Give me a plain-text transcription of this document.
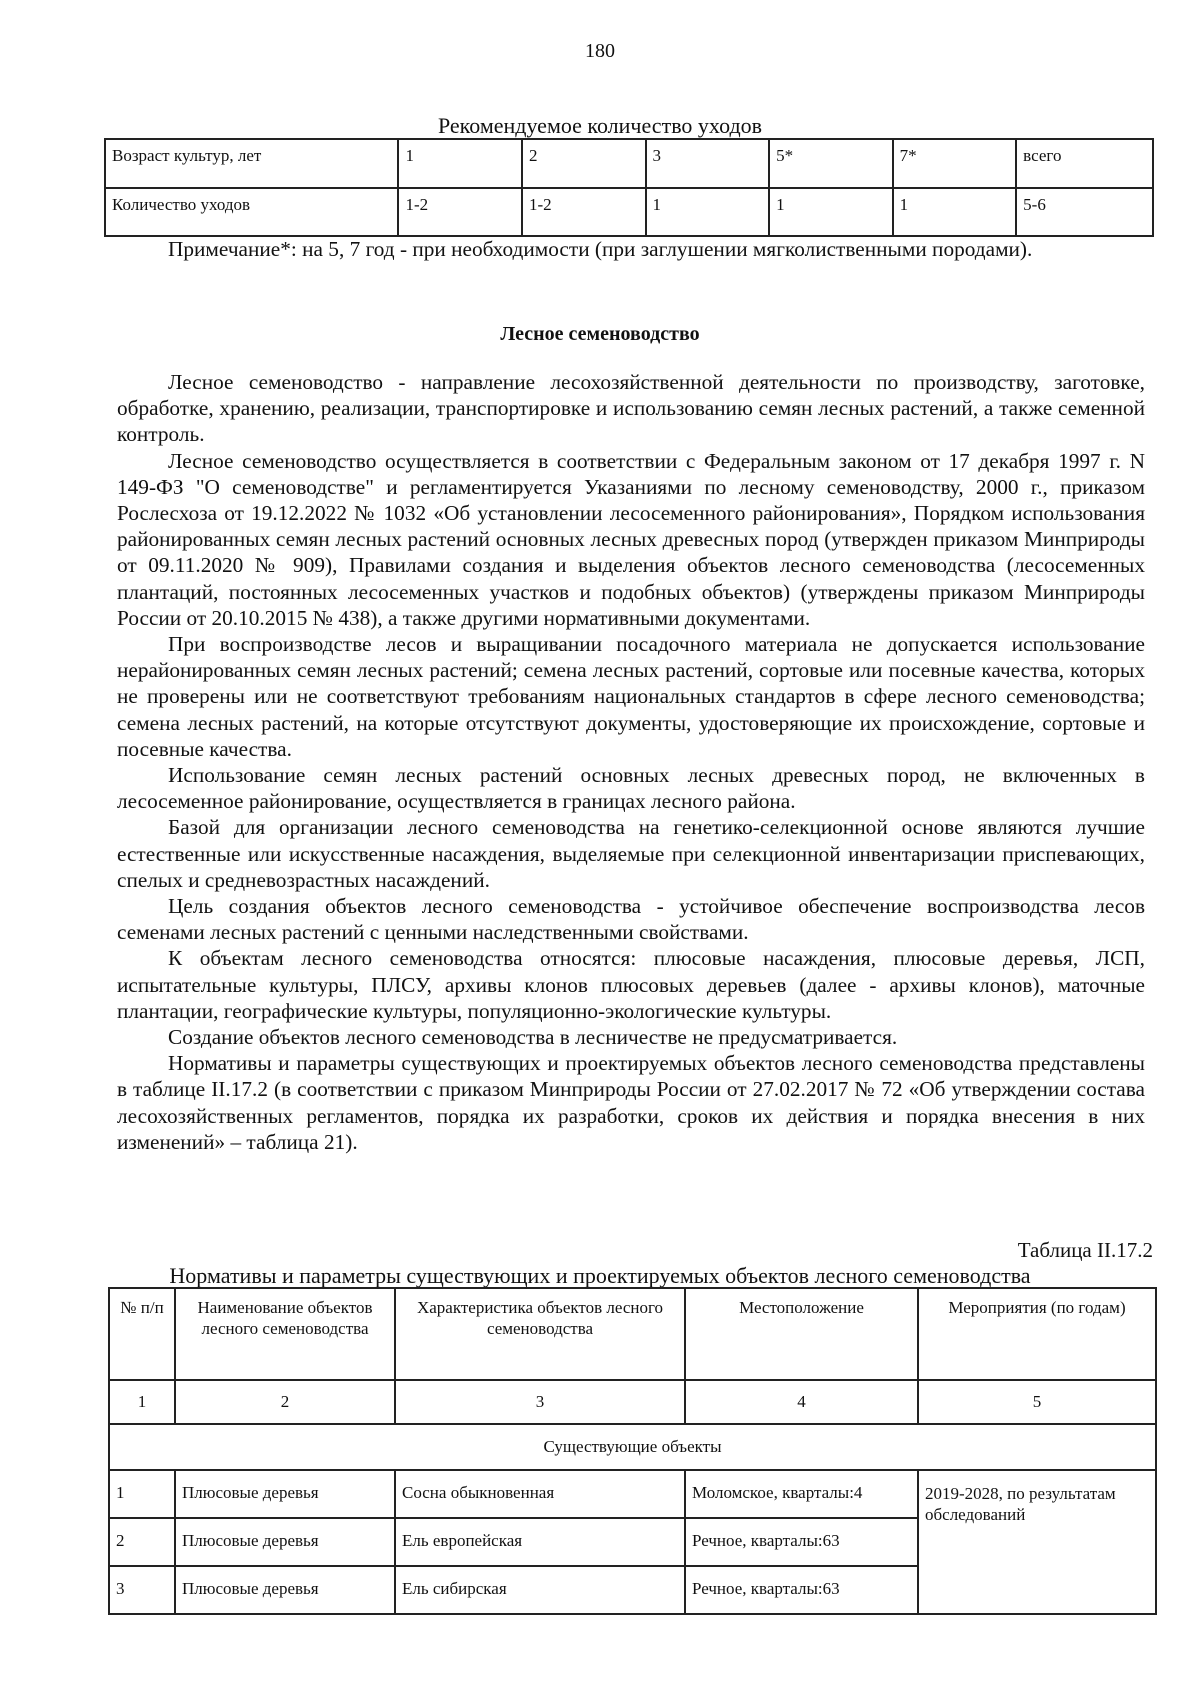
180
Рекомендуемое количество уходов
Возраст культур, лет	1	2	3	5*	7*	всего
Количество уходов	1-2	1-2	1	1	1	5-6

Примечание*: на 5, 7 год - при необходимости (при заглушении мягколиственными породами).

Лесное семеноводство

Лесное семеноводство - направление лесохозяйственной деятельности по производству, заготовке, обработке, хранению, реализации, транспортировке и использованию семян лесных растений, а также семенной контроль.

Лесное семеноводство осуществляется в соответствии с Федеральным законом от 17 декабря 1997 г. N 149-ФЗ "О семеноводстве" и регламентируется Указаниями по лесному семеноводству, 2000 г., приказом Рослесхоза от 19.12.2022 № 1032 «Об установлении лесосеменного районирования», Порядком использования районированных семян лесных растений основных лесных древесных пород (утвержден приказом Минприроды от 09.11.2020 № 909), Правилами создания и выделения объектов лесного семеноводства (лесосеменных плантаций, постоянных лесосеменных участков и подобных объектов) (утверждены приказом Минприроды России от 20.10.2015 № 438), а также другими нормативными документами.

При воспроизводстве лесов и выращивании посадочного материала не допускается использование нерайонированных семян лесных растений; семена лесных растений, сортовые или посевные качества, которых не проверены или не соответствуют требованиям национальных стандартов в сфере лесного семеноводства; семена лесных растений, на которые отсутствуют документы, удостоверяющие их происхождение, сортовые и посевные качества.

Использование семян лесных растений основных лесных древесных пород, не включенных в лесосеменное районирование, осуществляется в границах лесного района.

Базой для организации лесного семеноводства на генетико-селекционной основе являются лучшие естественные или искусственные насаждения, выделяемые при селекционной инвентаризации приспевающих, спелых и средневозрастных насаждений.

Цель создания объектов лесного семеноводства - устойчивое обеспечение воспроизводства лесов семенами лесных растений с ценными наследственными свойствами.

К объектам лесного семеноводства относятся: плюсовые насаждения, плюсовые деревья, ЛСП, испытательные культуры, ПЛСУ, архивы клонов плюсовых деревьев (далее - архивы клонов), маточные плантации, географические культуры, популяционно-экологические культуры.

Создание объектов лесного семеноводства в лесничестве не предусматривается.

Нормативы и параметры существующих и проектируемых объектов лесного семеноводства представлены в таблице II.17.2 (в соответствии с приказом Минприроды России от 27.02.2017 № 72 «Об утверждении состава лесохозяйственных регламентов, порядка их разработки, сроков их действия и порядка внесения в них изменений» – таблица 21).

Таблица II.17.2
Нормативы и параметры существующих и проектируемых объектов лесного семеноводства
№ п/п	Наименование объектов лесного семеноводства	Характеристика объектов лесного семеноводства	Местоположение	Мероприятия (по годам)
1	2	3	4	5
Существующие объекты				
1	Плюсовые деревья	Сосна обыкновенная	Моломское, кварталы:4	2019-2028, по результатам обследований
2	Плюсовые деревья	Ель европейская	Речное, кварталы:63	
3	Плюсовые деревья	Ель сибирская	Речное, кварталы:63	
